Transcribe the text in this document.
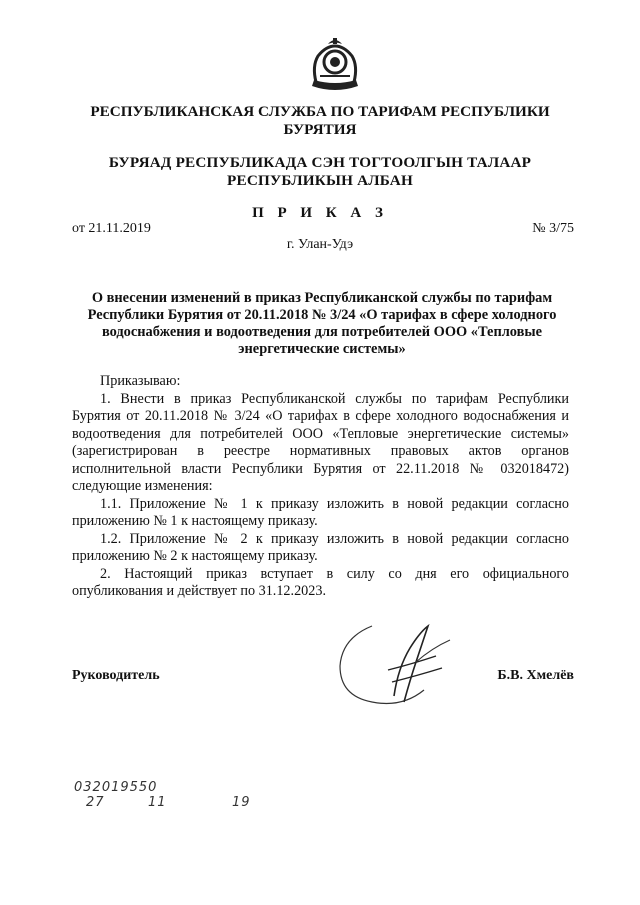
РЕСПУБЛИКАНСКАЯ СЛУЖБА ПО ТАРИФАМ РЕСПУБЛИКИ БУРЯТИЯ
БУРЯАД РЕСПУБЛИКАДА СЭН ТОГТООЛГЫН ТАЛААР РЕСПУБЛИКЫН АЛБАН
П Р И К А З
от 21.11.2019	№ 3/75
г. Улан-Удэ
О внесении изменений в приказ Республиканской службы по тарифам Республики Бурятия от 20.11.2018 № 3/24 «О тарифах в сфере холодного водоснабжения и водоотведения для потребителей ООО «Тепловые энергетические системы»

Приказываю:

1. Внести в приказ Республиканской службы по тарифам Республики Бурятия от 20.11.2018 № 3/24 «О тарифах в сфере холодного водоснабжения и водоотведения для потребителей ООО «Тепловые энергетические системы» (зарегистрирован в реестре нормативных правовых актов органов исполнительной власти Республики Бурятия от 22.11.2018 № 032018472) следующие изменения:

1.1. Приложение № 1 к приказу изложить в новой редакции согласно приложению № 1 к настоящему приказу.

1.2. Приложение № 2 к приказу изложить в новой редакции согласно приложению № 2 к настоящему приказу.

2. Настоящий приказ вступает в силу со дня его официального опубликования и действует по 31.12.2023.

Руководитель	Б.В. Хмелёв
032019550
27	11	19
